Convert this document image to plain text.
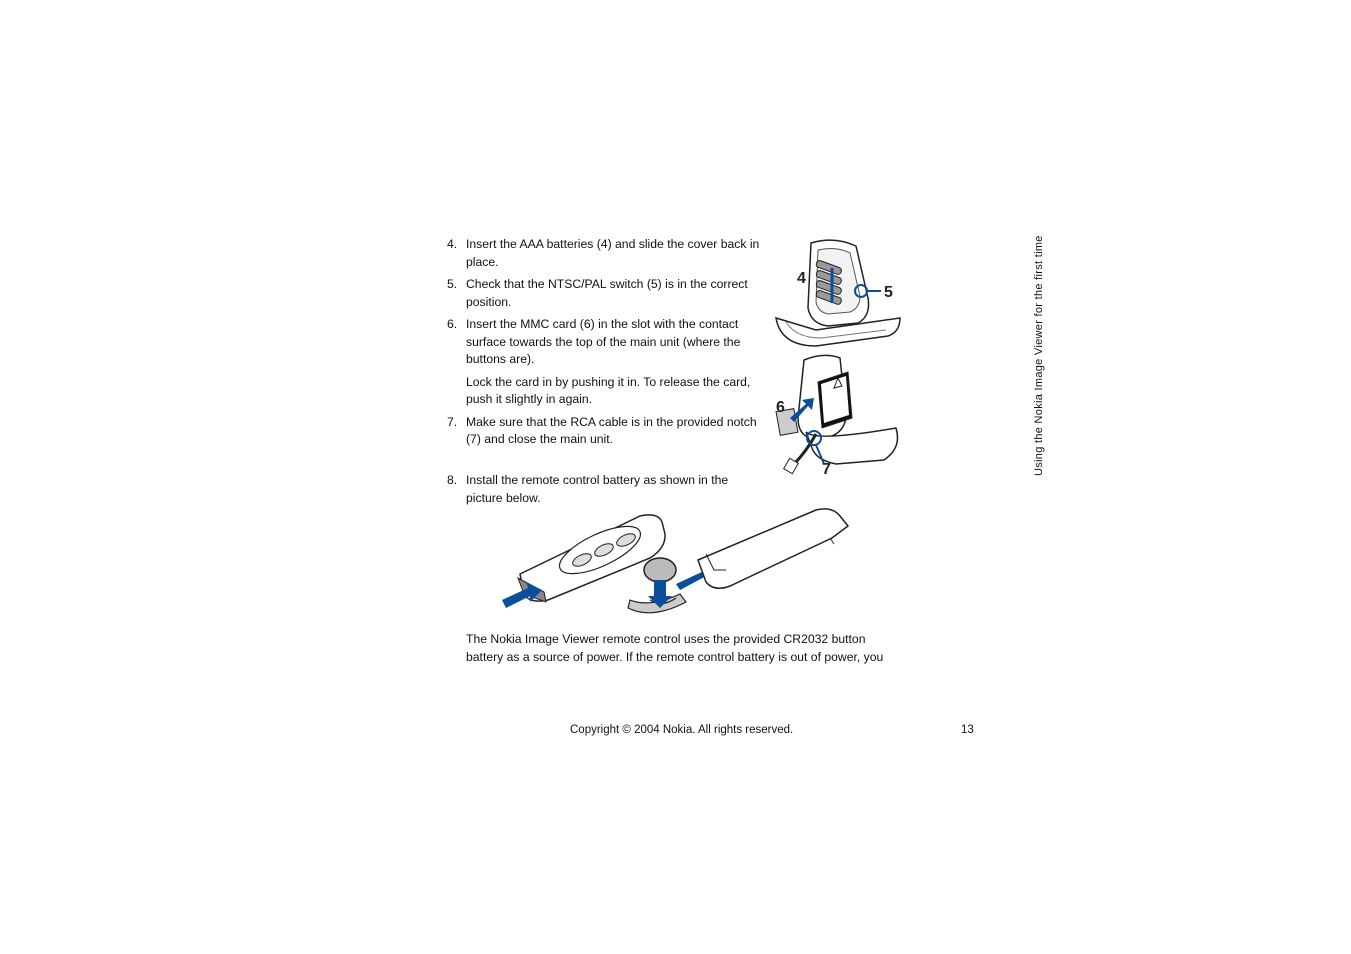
Using the Nokia Image Viewer for the first time
4. Insert the AAA batteries (4) and slide the cover back in place.
5. Check that the NTSC/PAL switch (5) is in the correct position.
6. Insert the MMC card (6) in the slot with the contact surface towards the top of the main unit (where the buttons are).

Lock the card in by pushing it in. To release the card, push it slightly in again.

7. Make sure that the RCA cable is in the provided notch (7) and close the main unit.
8. Install the remote control battery as shown in the picture below.
4
5
6
7
The Nokia Image Viewer remote control uses the provided CR2032 button battery as a source of power. If the remote control battery is out of power, you
Copyright © 2004 Nokia. All rights reserved.	13
